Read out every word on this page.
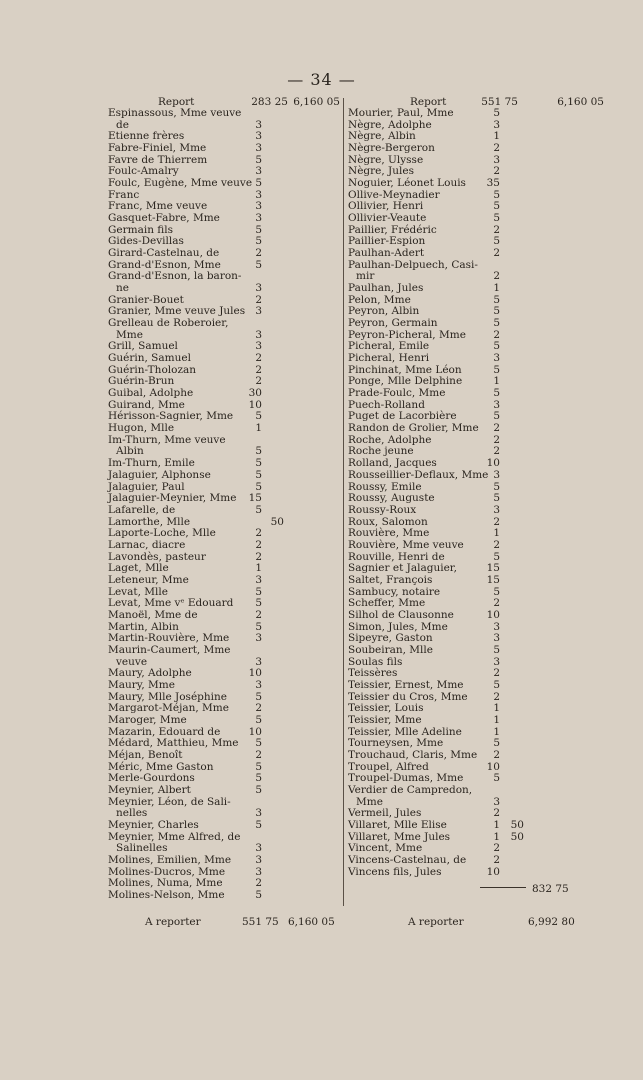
— 34 —
Report	283 25 6,160 05
Espinassous, Mme veuve
de	3
Etienne frères	3
Fabre-Finiel, Mme	3
Favre de Thierrem	5
Foulc-Amalry	3
Foulc, Eugène, Mme veuve 5
Franc	3
Franc, Mme veuve	3
Gasquet-Fabre, Mme	3
Germain fils	5
Gides-Devillas	5
Girard-Castelnau, de	2
Grand-d'Esnon, Mme	5
Grand-d'Esnon, la baron-
ne	3
Granier-Bouet	2
Granier, Mme veuve Jules 3
Grelleau de Roberoier,
Mme	3
Grill, Samuel	3
Guérin, Samuel	2
Guérin-Tholozan	2
Guérin-Brun	2
Guibal, Adolphe	30
Guirand, Mme	10
Hérisson-Sagnier, Mme	5
Hugon, Mlle	1
Im-Thurn, Mme veuve
Albin	5
Im-Thurn, Emile	5
Jalaguier, Alphonse	5
Jalaguier, Paul	5
Jalaguier-Meynier, Mme	15
Lafarelle, de	5
Lamorthe, Mlle	50
Laporte-Loche, Mlle	2
Larnac, diacre	2
Lavondès, pasteur	2
Laget, Mlle	1
Leteneur, Mme	3
Levat, Mlle	5
Levat, Mme vᵉ Edouard	5
Manoël, Mme de	2
Martin, Albin	5
Martin-Rouvière, Mme	3
Maurin-Caumert, Mme
veuve	3
Maury, Adolphe	10
Maury, Mme	3
Maury, Mlle Joséphine	5
Margarot-Méjan, Mme	2
Maroger, Mme	5
Mazarin, Edouard de	10
Médard, Matthieu, Mme	5
Méjan, Benoît	2
Méric, Mme Gaston	5
Merle-Gourdons	5
Meynier, Albert	5
Meynier, Léon, de Sali-
nelles	3
Meynier, Charles	5
Meynier, Mme Alfred, de
Salinelles	3
Molines, Emilien, Mme	3
Molines-Ducros, Mme	3
Molines, Numa, Mme	2
Molines-Nelson, Mme	5
Report	551 75	6,160 05
Mourier, Paul, Mme	5
Nègre, Adolphe	3
Nègre, Albin	1
Nègre-Bergeron	2
Nègre, Ulysse	3
Nègre, Jules	2
Noguier, Léonet Louis	35
Ollive-Meynadier	5
Ollivier, Henri	5
Ollivier-Veaute	5
Paillier, Frédéric	2
Paillier-Espion	5
Paulhan-Adert	2
Paulhan-Delpuech, Casi-
mir	2
Paulhan, Jules	1
Pelon, Mme	5
Peyron, Albin	5
Peyron, Germain	5
Peyron-Picheral, Mme	2
Picheral, Emile	5
Picheral, Henri	3
Pinchinat, Mme Léon	5
Ponge, Mlle Delphine	1
Prade-Foulc, Mme	5
Puech-Rolland	3
Puget de Lacorbière	5
Randon de Grolier, Mme	2
Roche, Adolphe	2
Roche jeune	2
Rolland, Jacques	10
Rousseillier-Deflaux, Mme 3
Roussy, Emile	5
Roussy, Auguste	5
Roussy-Roux	3
Roux, Salomon	2
Rouvière, Mme	1
Rouvière, Mme veuve	2
Rouville, Henri de	5
Sagnier et Jalaguier,	15
Saltet, François	15
Sambucy, notaire	5
Scheffer, Mme	2
Silhol de Clausonne	10
Simon, Jules, Mme	3
Sipeyre, Gaston	3
Soubeiran, Mlle	5
Soulas fils	3
Teissères	2
Teissier, Ernest, Mme	5
Teissier du Cros, Mme	2
Teissier, Louis	1
Teissier, Mme	1
Teissier, Mlle Adeline	1
Tourneysen, Mme	5
Trouchaud, Claris, Mme	2
Troupel, Alfred	10
Troupel-Dumas, Mme	5
Verdier de Campredon,
Mme	3
Vermeil, Jules	2
Villaret, Mlle Elise	1	50
Villaret, Mme Jules	1	50
Vincent, Mme	2
Vincens-Castelnau, de	2
Vincens fils, Jules	10
832 75
A reporter	551 75 6,160 05	A reporter	6,992 80
